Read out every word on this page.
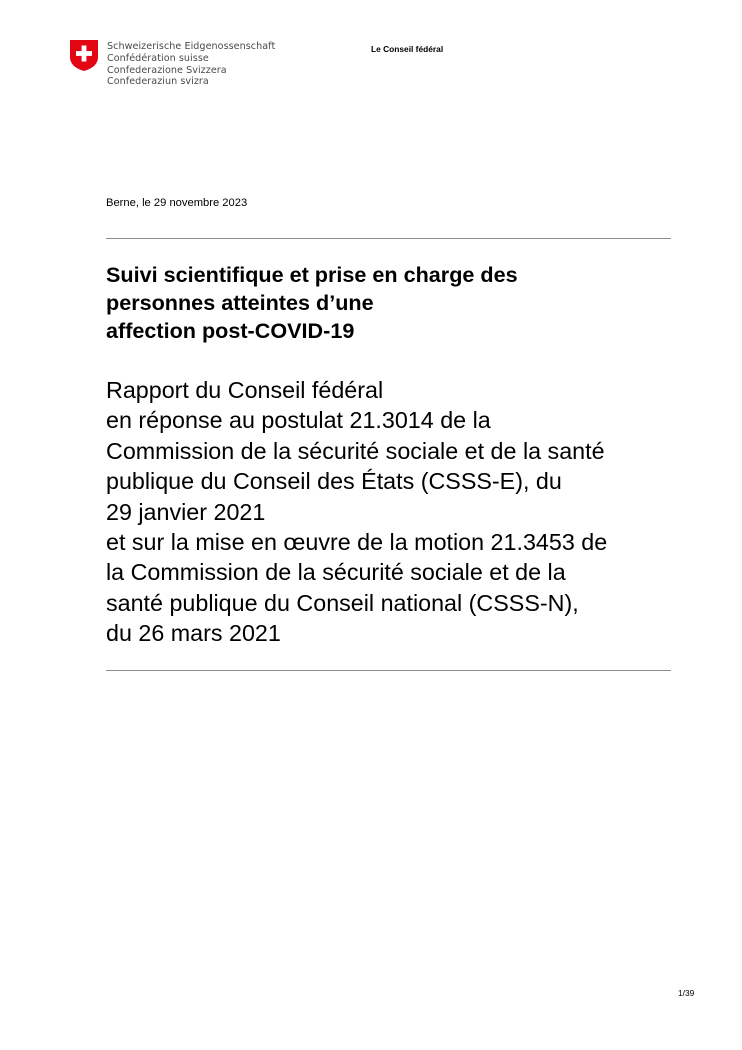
Schweizerische Eidgenossenschaft
Confédération suisse
Confederazione Svizzera
Confederaziun svizra
Le Conseil fédéral
Berne, le 29 novembre 2023
Suivi scientifique et prise en charge des
personnes atteintes d’une
affection post-COVID-19
Rapport du Conseil fédéral
en réponse au postulat 21.3014 de la
Commission de la sécurité sociale et de la santé
publique du Conseil des États (CSSS-E), du
29 janvier 2021
et sur la mise en œuvre de la motion 21.3453 de
la Commission de la sécurité sociale et de la
santé publique du Conseil national (CSSS-N),
du 26 mars 2021
1/39
